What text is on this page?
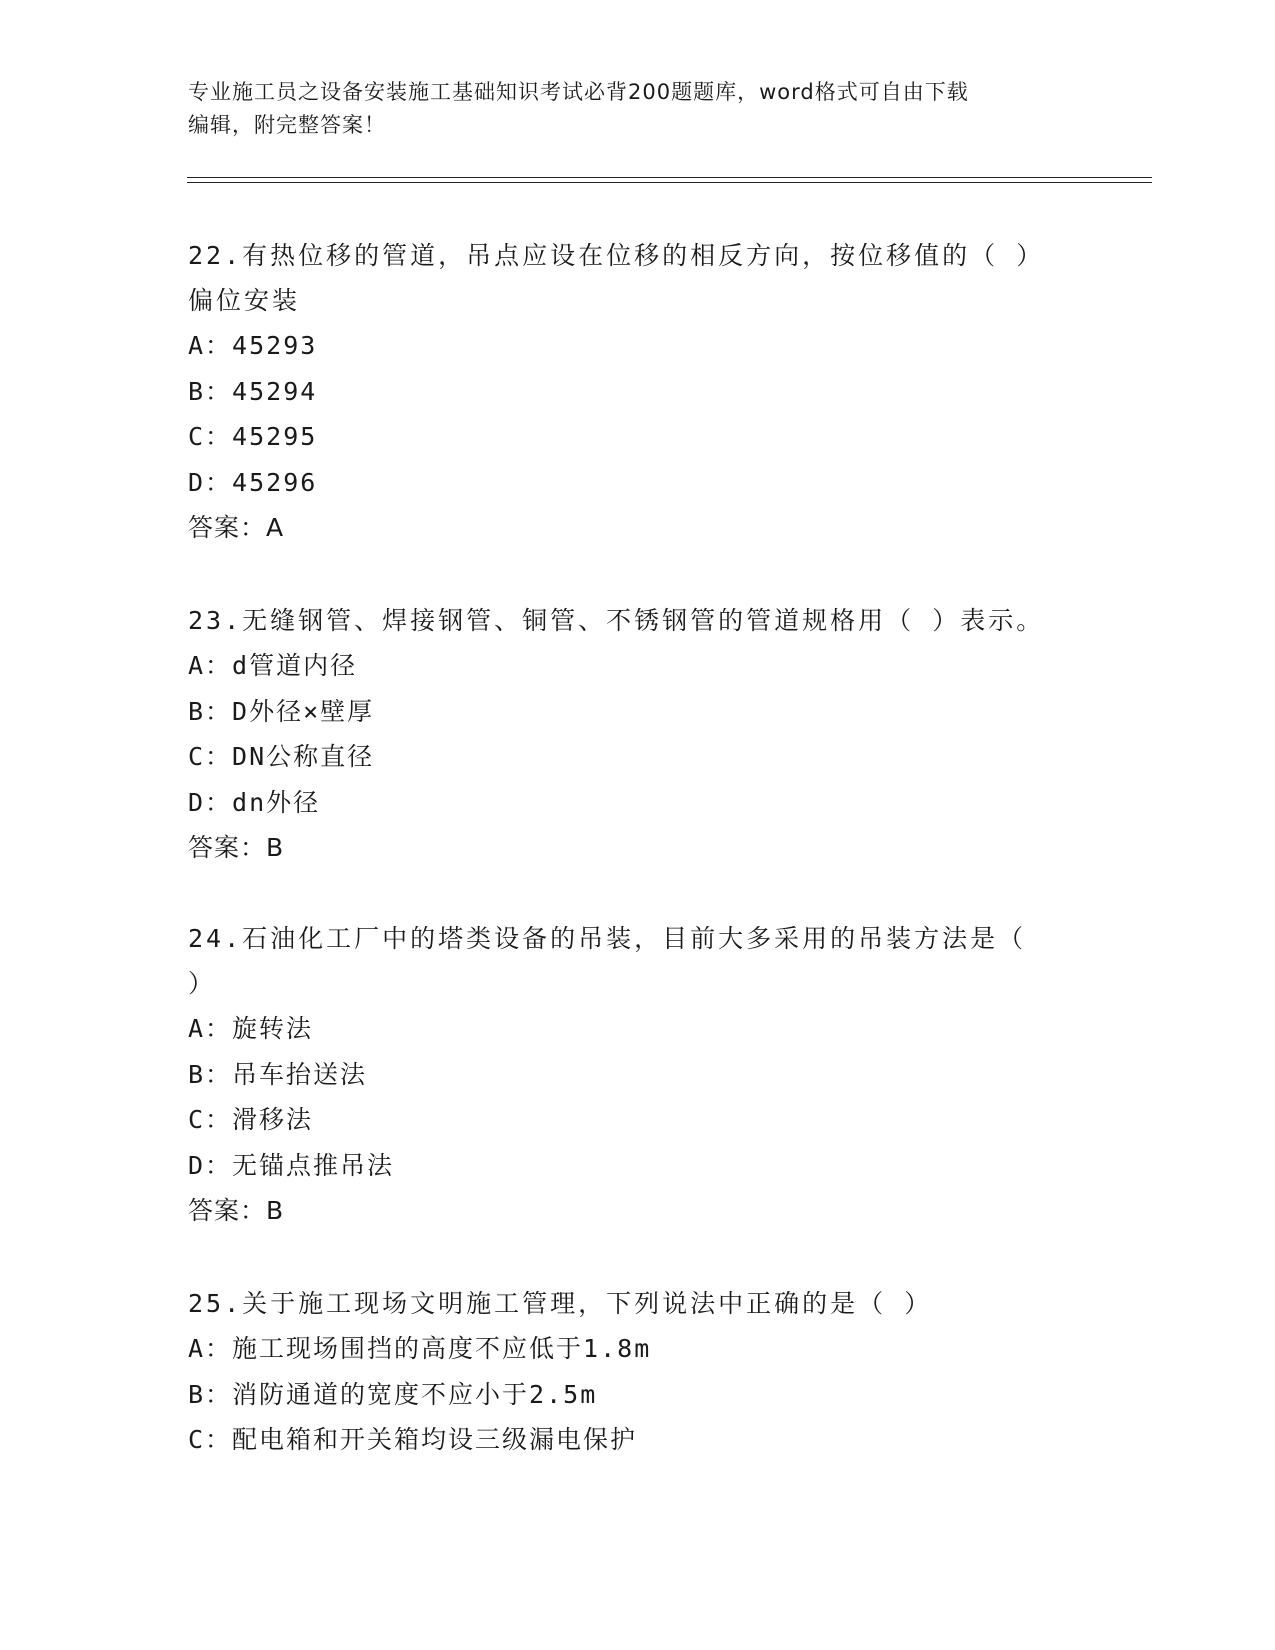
专业施工员之设备安装施工基础知识考试必背200题题库，word格式可自由下载
编辑，附完整答案！

22.有热位移的管道，吊点应设在位移的相反方向，按位移值的（ ）偏位安装

A：45293

B：45294

C：45295

D：45296

答案：A

23.无缝钢管、焊接钢管、铜管、不锈钢管的管道规格用（ ）表示。

A：d管道内径

B：D外径×壁厚

C：DN公称直径

D：dn外径

答案：B

24.石油化工厂中的塔类设备的吊装，目前大多采用的吊装方法是（ ）

A：旋转法

B：吊车抬送法

C：滑移法

D：无锚点推吊法

答案：B

25.关于施工现场文明施工管理，下列说法中正确的是（ ）

A：施工现场围挡的高度不应低于1.8m

B：消防通道的宽度不应小于2.5m

C：配电箱和开关箱均设三级漏电保护
